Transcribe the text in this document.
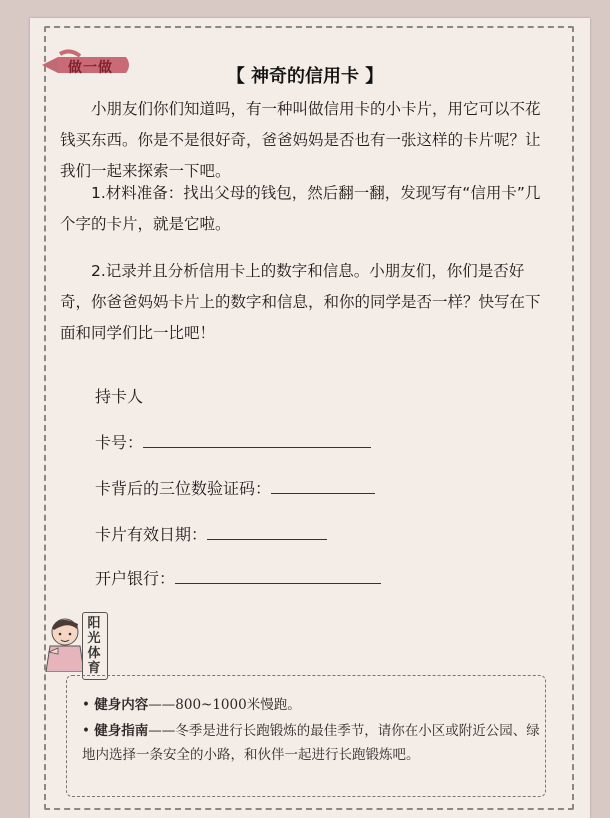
做一做	【 神奇的信用卡 】
小朋友们你们知道吗，有一种叫做信用卡的小卡片，用它可以不花钱买东西。你是不是很好奇，爸爸妈妈是否也有一张这样的卡片呢？让我们一起来探索一下吧。
1.材料准备：找出父母的钱包，然后翻一翻，发现写有“信用卡”几个字的卡片，就是它啦。
2.记录并且分析信用卡上的数字和信息。小朋友们，你们是否好奇，你爸爸妈妈卡片上的数字和信息，和你的同学是否一样？快写在下面和同学们比一比吧！
持卡人
卡号：
卡背后的三位数验证码：
卡片有效日期：
开户银行：
阳光体育
• 健身内容——800~1000米慢跑。
• 健身指南——冬季是进行长跑锻炼的最佳季节，请你在小区或附近公园、绿地内选择一条安全的小路，和伙伴一起进行长跑锻炼吧。
